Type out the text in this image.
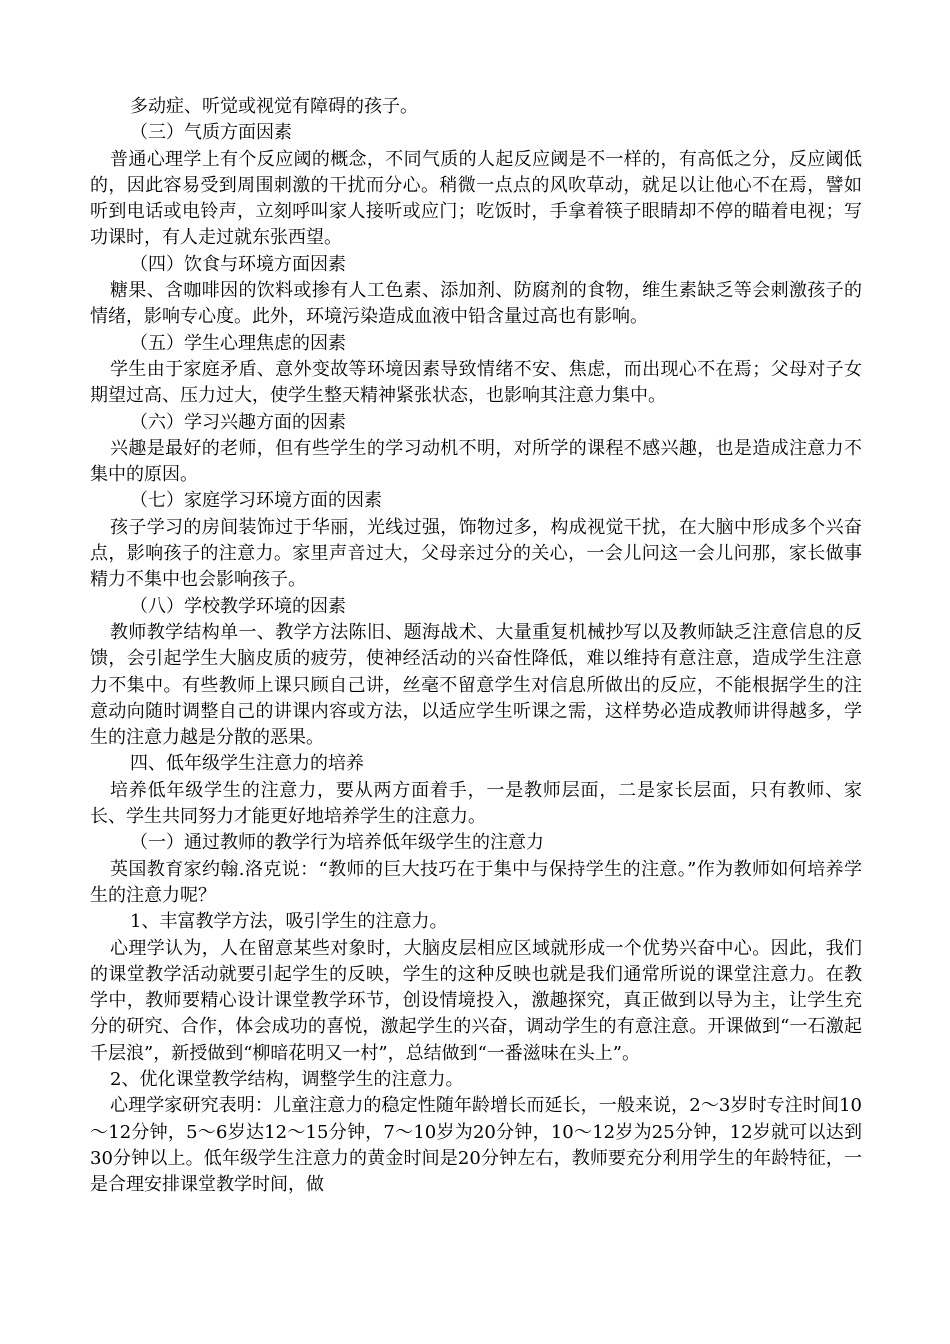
多动症、听觉或视觉有障碍的孩子。

（三）气质方面因素

普通心理学上有个反应阈的概念，不同气质的人起反应阈是不一样的，有高低之分，反应阈低的，因此容易受到周围刺激的干扰而分心。稍微一点点的风吹草动，就足以让他心不在焉，譬如听到电话或电铃声，立刻呼叫家人接听或应门；吃饭时，手拿着筷子眼睛却不停的瞄着电视；写功课时，有人走过就东张西望。

（四）饮食与环境方面因素

糖果、含咖啡因的饮料或掺有人工色素、添加剂、防腐剂的食物，维生素缺乏等会刺激孩子的情绪，影响专心度。此外，环境污染造成血液中铅含量过高也有影响。

（五）学生心理焦虑的因素

学生由于家庭矛盾、意外变故等环境因素导致情绪不安、焦虑，而出现心不在焉；父母对子女期望过高、压力过大，使学生整天精神紧张状态，也影响其注意力集中。

（六）学习兴趣方面的因素

兴趣是最好的老师，但有些学生的学习动机不明，对所学的课程不感兴趣，也是造成注意力不集中的原因。

（七）家庭学习环境方面的因素

孩子学习的房间装饰过于华丽，光线过强，饰物过多，构成视觉干扰，在大脑中形成多个兴奋点，影响孩子的注意力。家里声音过大，父母亲过分的关心，一会儿问这一会儿问那，家长做事精力不集中也会影响孩子。

（八）学校教学环境的因素

教师教学结构单一、教学方法陈旧、题海战术、大量重复机械抄写以及教师缺乏注意信息的反馈，会引起学生大脑皮质的疲劳，使神经活动的兴奋性降低，难以维持有意注意，造成学生注意力不集中。有些教师上课只顾自己讲，丝毫不留意学生对信息所做出的反应，不能根据学生的注意动向随时调整自己的讲课内容或方法，以适应学生听课之需，这样势必造成教师讲得越多，学生的注意力越是分散的恶果。

四、低年级学生注意力的培养

培养低年级学生的注意力，要从两方面着手，一是教师层面，二是家长层面，只有教师、家长、学生共同努力才能更好地培养学生的注意力。

（一）通过教师的教学行为培养低年级学生的注意力

英国教育家约翰.洛克说：“教师的巨大技巧在于集中与保持学生的注意。”作为教师如何培养学生的注意力呢？

1、丰富教学方法，吸引学生的注意力。

心理学认为，人在留意某些对象时，大脑皮层相应区域就形成一个优势兴奋中心。因此，我们的课堂教学活动就要引起学生的反映，学生的这种反映也就是我们通常所说的课堂注意力。在教学中，教师要精心设计课堂教学环节，创设情境投入，激趣探究，真正做到以导为主，让学生充分的研究、合作，体会成功的喜悦，激起学生的兴奋，调动学生的有意注意。开课做到“一石激起千层浪”，新授做到“柳暗花明又一村”，总结做到“一番滋味在头上”。

2、优化课堂教学结构，调整学生的注意力。

心理学家研究表明：儿童注意力的稳定性随年龄增长而延长，一般来说，2～3岁时专注时间10～12分钟，5～6岁达12～15分钟，7～10岁为20分钟，10～12岁为25分钟，12岁就可以达到30分钟以上。低年级学生注意力的黄金时间是20分钟左右，教师要充分利用学生的年龄特征，一是合理安排课堂教学时间，做
